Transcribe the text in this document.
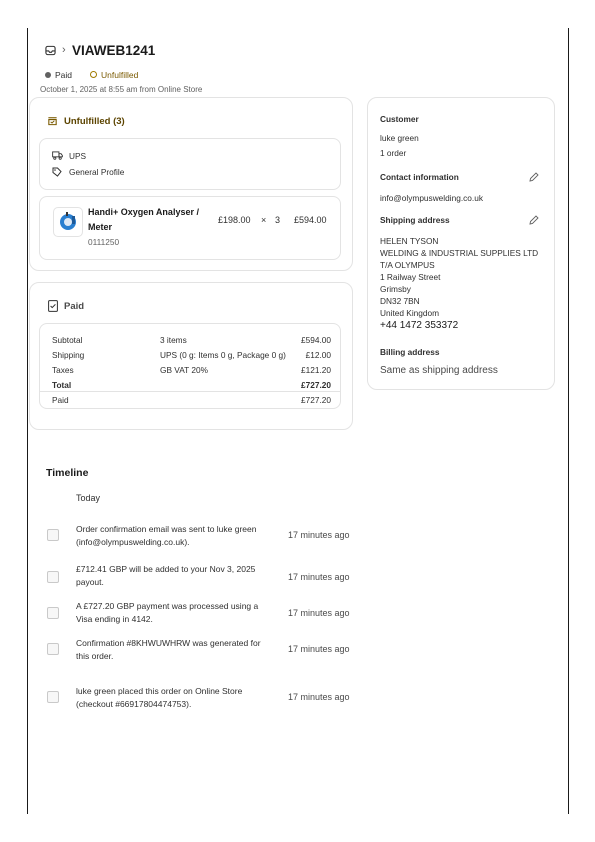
› VIAWEB1241
Paid	Unfulfilled
October 1, 2025 at 8:55 am from Online Store
Unfulfilled (3)
UPS
General Profile
Handi+ Oxygen Analyser /
Meter
0111250
£198.00 × 3 £594.00
Paid
Subtotal	3 items	£594.00
Shipping	UPS (0 g: Items 0 g, Package 0 g) £12.00
Taxes	GB VAT 20%	£121.20
Total	£727.20
Paid	£727.20
Customer
luke green
1 order
Contact information
info@olympuswelding.co.uk
Shipping address
HELEN TYSON
WELDING & INDUSTRIAL SUPPLIES LTD
T/A OLYMPUS
1 Railway Street
Grimsby
DN32 7BN
United Kingdom
+44 1472 353372
Billing address
Same as shipping address
Timeline
Today
Order confirmation email was sent to luke green
(info@olympuswelding.co.uk).
17 minutes ago
£712.41 GBP will be added to your Nov 3, 2025
payout.	17 minutes ago
A £727.20 GBP payment was processed using a
Visa ending in 4142.
17 minutes ago
Confirmation #8KHWUWHRW was generated for
this order.
17 minutes ago
luke green placed this order on Online Store
(checkout #66917804474753).
17 minutes ago
